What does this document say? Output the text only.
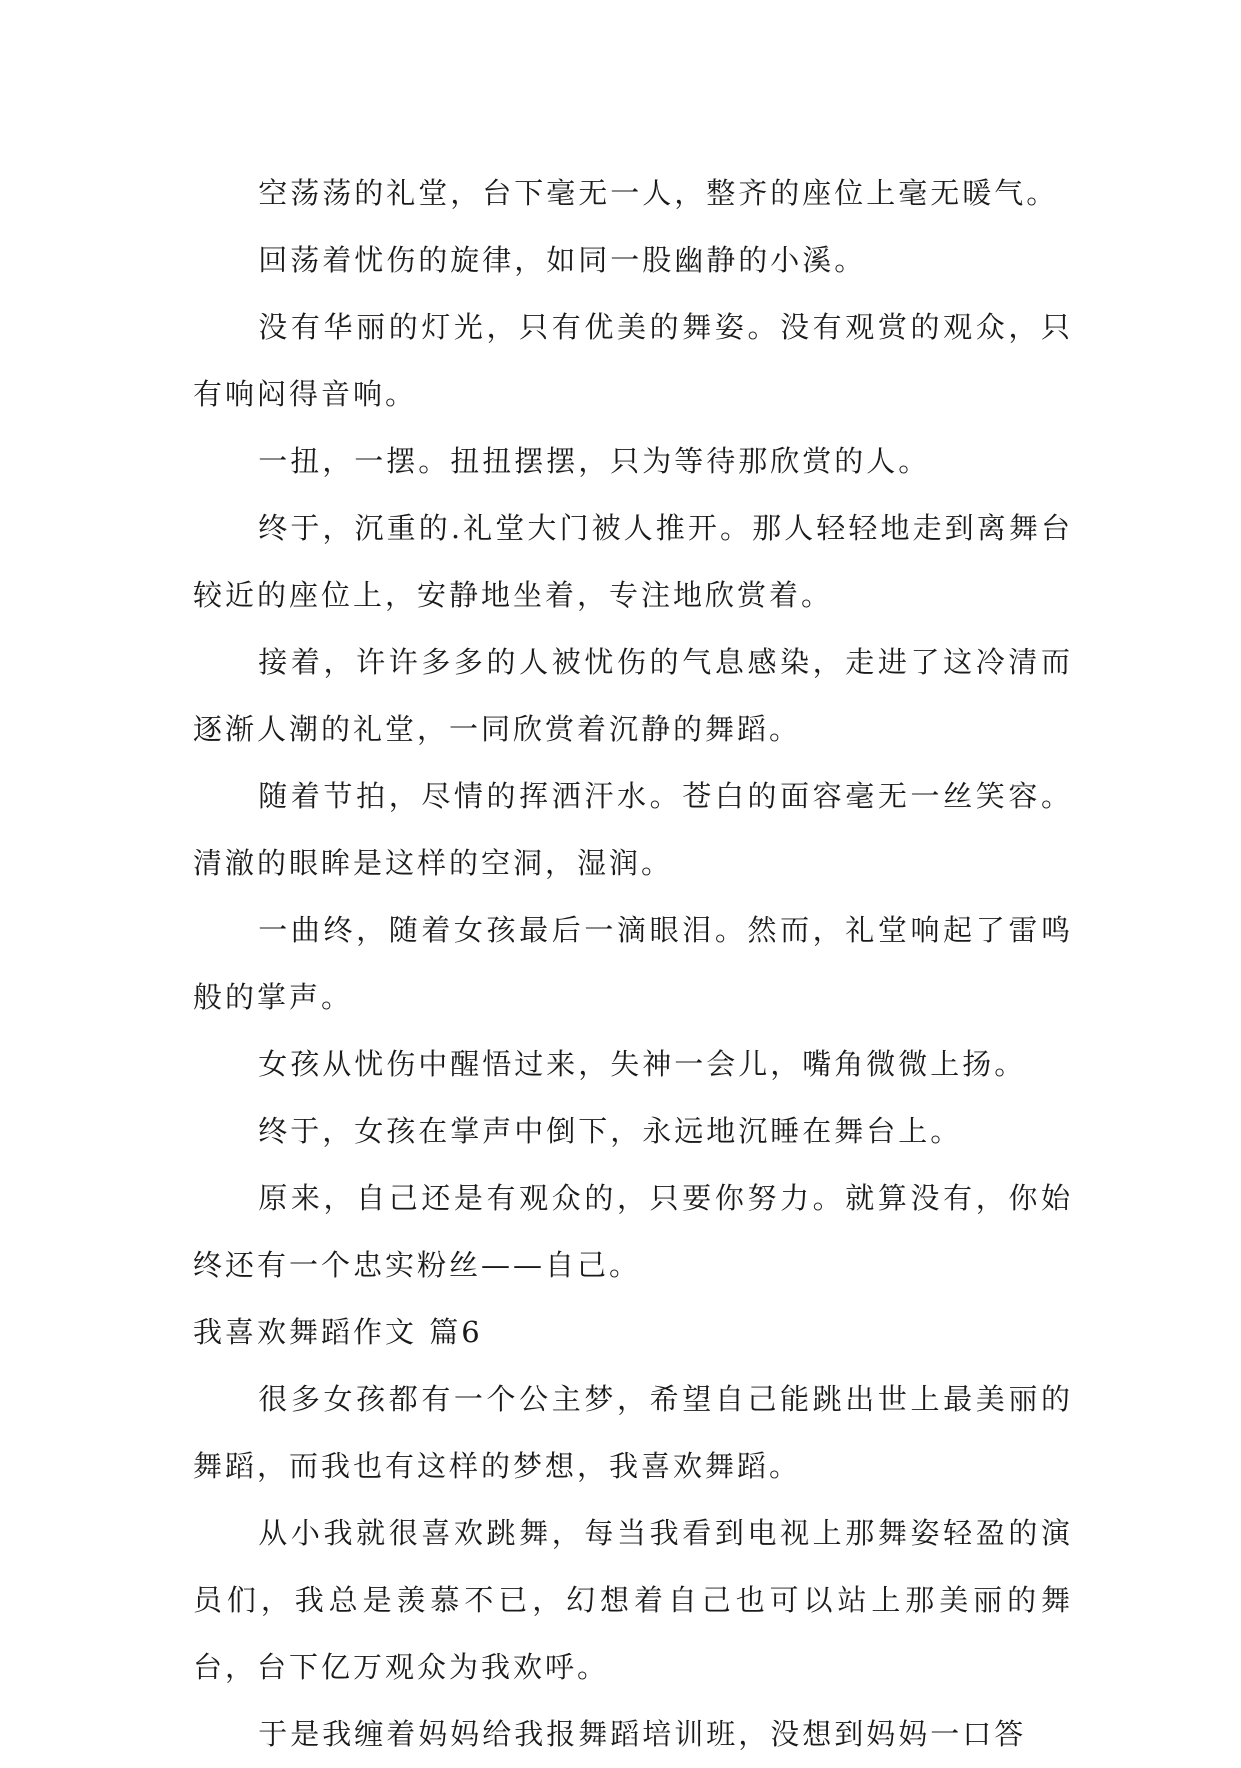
空荡荡的礼堂，台下毫无一人，整齐的座位上毫无暖气。

回荡着忧伤的旋律，如同一股幽静的小溪。

没有华丽的灯光，只有优美的舞姿。没有观赏的观众，只有响闷得音响。

一扭，一摆。扭扭摆摆，只为等待那欣赏的人。

终于，沉重的.礼堂大门被人推开。那人轻轻地走到离舞台较近的座位上，安静地坐着，专注地欣赏着。

接着，许许多多的人被忧伤的气息感染，走进了这冷清而逐渐人潮的礼堂，一同欣赏着沉静的舞蹈。

随着节拍，尽情的挥洒汗水。苍白的面容毫无一丝笑容。清澈的眼眸是这样的空洞，湿润。

一曲终，随着女孩最后一滴眼泪。然而，礼堂响起了雷鸣般的掌声。

女孩从忧伤中醒悟过来，失神一会儿，嘴角微微上扬。

终于，女孩在掌声中倒下，永远地沉睡在舞台上。

原来，自己还是有观众的，只要你努力。就算没有，你始终还有一个忠实粉丝——自己。

我喜欢舞蹈作文 篇6

很多女孩都有一个公主梦，希望自己能跳出世上最美丽的舞蹈，而我也有这样的梦想，我喜欢舞蹈。

从小我就很喜欢跳舞，每当我看到电视上那舞姿轻盈的演员们，我总是羡慕不已，幻想着自己也可以站上那美丽的舞台，台下亿万观众为我欢呼。

于是我缠着妈妈给我报舞蹈培训班，没想到妈妈一口答
